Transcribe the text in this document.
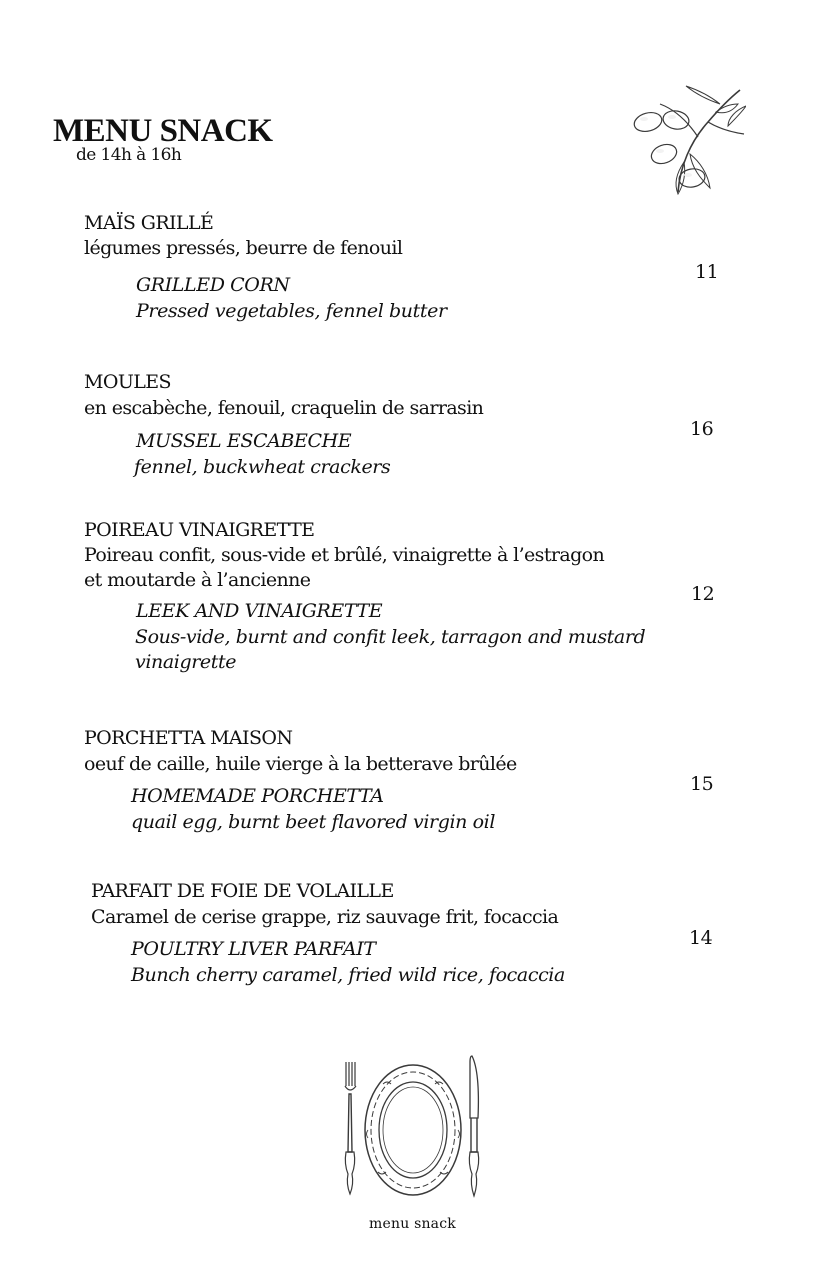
MENU SNACK
de 14h à 16h
MAÏS GRILLÉ
légumes pressés, beurre de fenouil
GRILLED CORN
Pressed vegetables, fennel butter
11
MOULES
en escabèche, fenouil, craquelin de sarrasin
MUSSEL ESCABECHE
fennel, buckwheat crackers
16
POIREAU VINAIGRETTE
Poireau confit, sous-vide et brûlé, vinaigrette à l’estragon
et moutarde à l’ancienne
LEEK AND VINAIGRETTE
Sous-vide, burnt and confit leek, tarragon and mustard
vinaigrette
12
PORCHETTA MAISON
oeuf de caille, huile vierge à la betterave brûlée
HOMEMADE PORCHETTA
quail egg, burnt beet flavored virgin oil
15
PARFAIT DE FOIE DE VOLAILLE
Caramel de cerise grappe, riz sauvage frit, focaccia
POULTRY LIVER PARFAIT
Bunch cherry caramel, fried wild rice, focaccia
14
menu snack
